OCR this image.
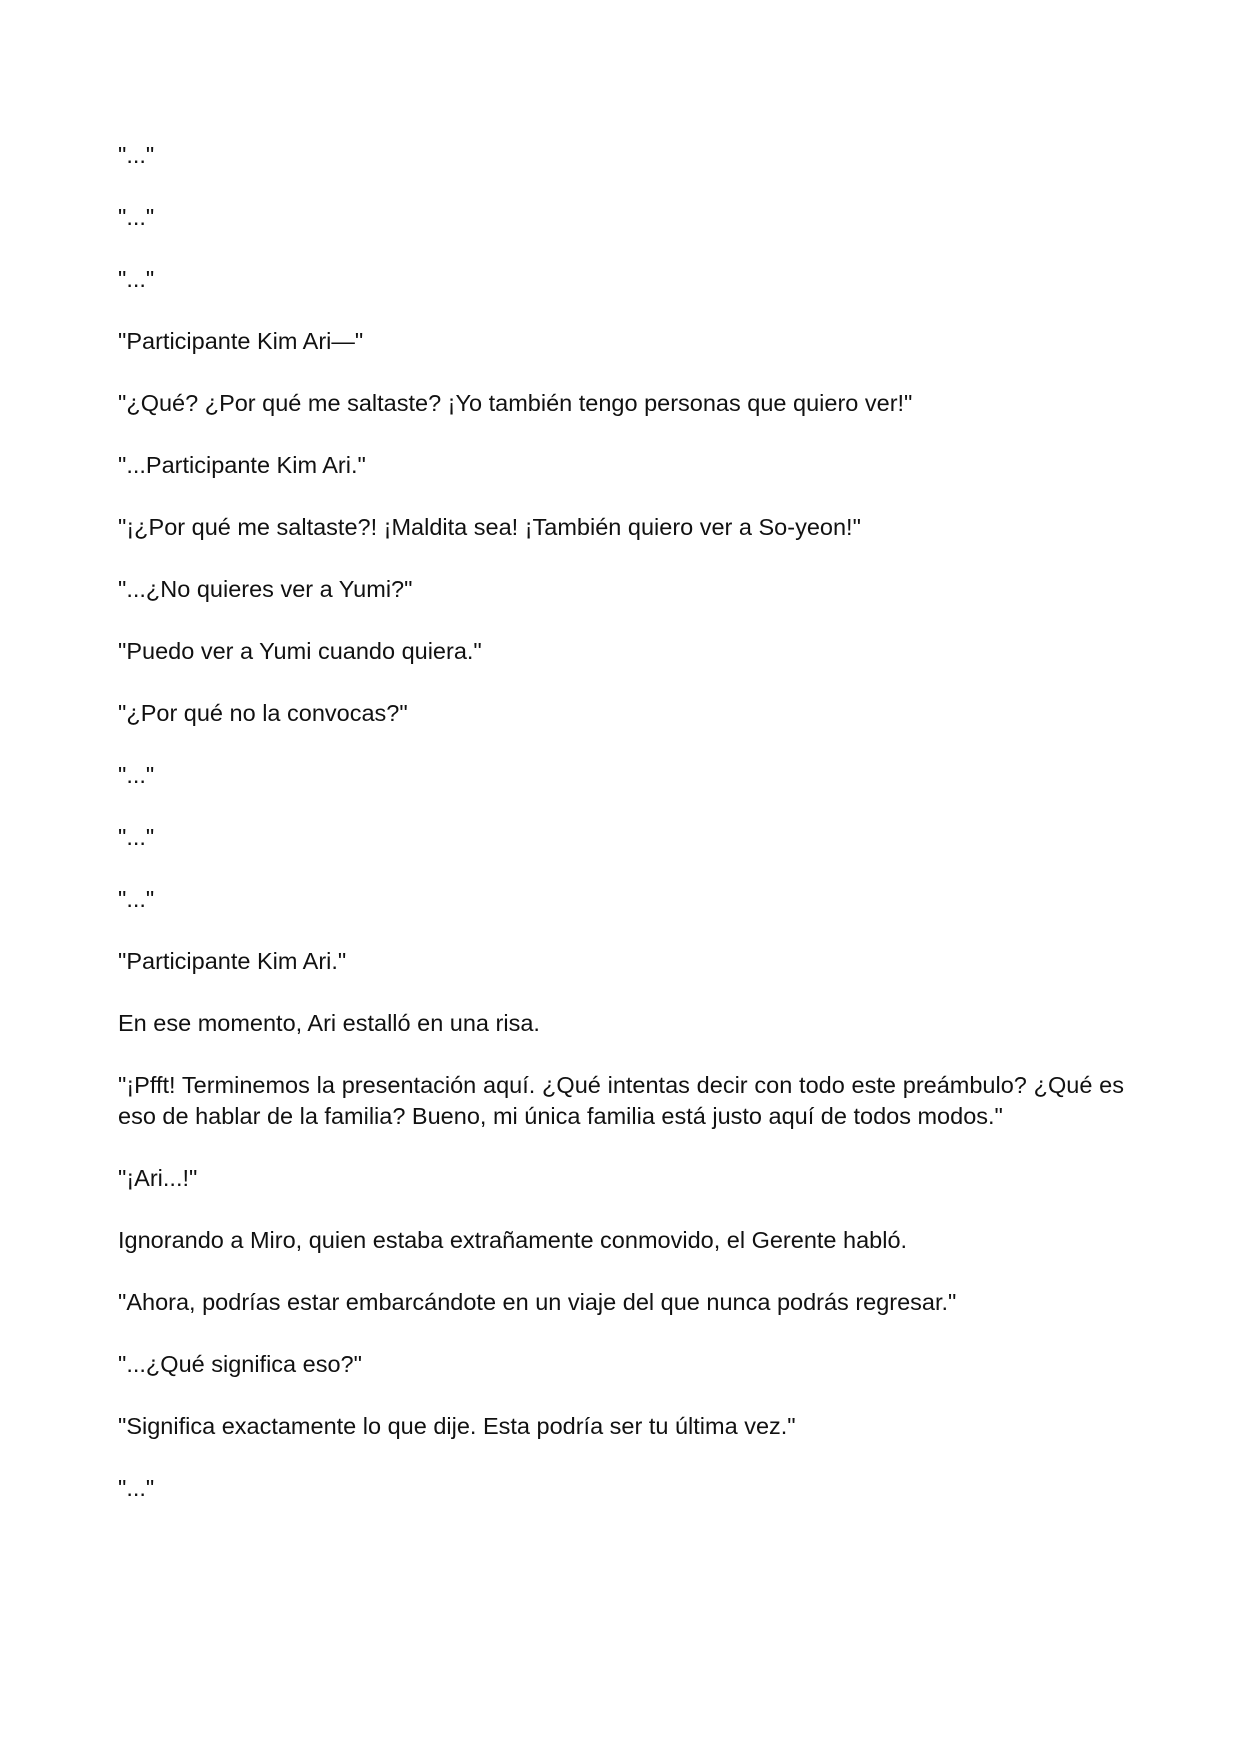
"..."

"..."

"..."

"Participante Kim Ari—"

"¿Qué? ¿Por qué me saltaste? ¡Yo también tengo personas que quiero ver!"

"...Participante Kim Ari."

"¡¿Por qué me saltaste?! ¡Maldita sea! ¡También quiero ver a So-yeon!"

"...¿No quieres ver a Yumi?"

"Puedo ver a Yumi cuando quiera."

"¿Por qué no la convocas?"

"..."

"..."

"..."

"Participante Kim Ari."

En ese momento, Ari estalló en una risa.

"¡Pfft! Terminemos la presentación aquí. ¿Qué intentas decir con todo este preámbulo? ¿Qué es eso de hablar de la familia? Bueno, mi única familia está justo aquí de todos modos."

"¡Ari...!"

Ignorando a Miro, quien estaba extrañamente conmovido, el Gerente habló.

"Ahora, podrías estar embarcándote en un viaje del que nunca podrás regresar."

"...¿Qué significa eso?"

"Significa exactamente lo que dije. Esta podría ser tu última vez."

"..."
